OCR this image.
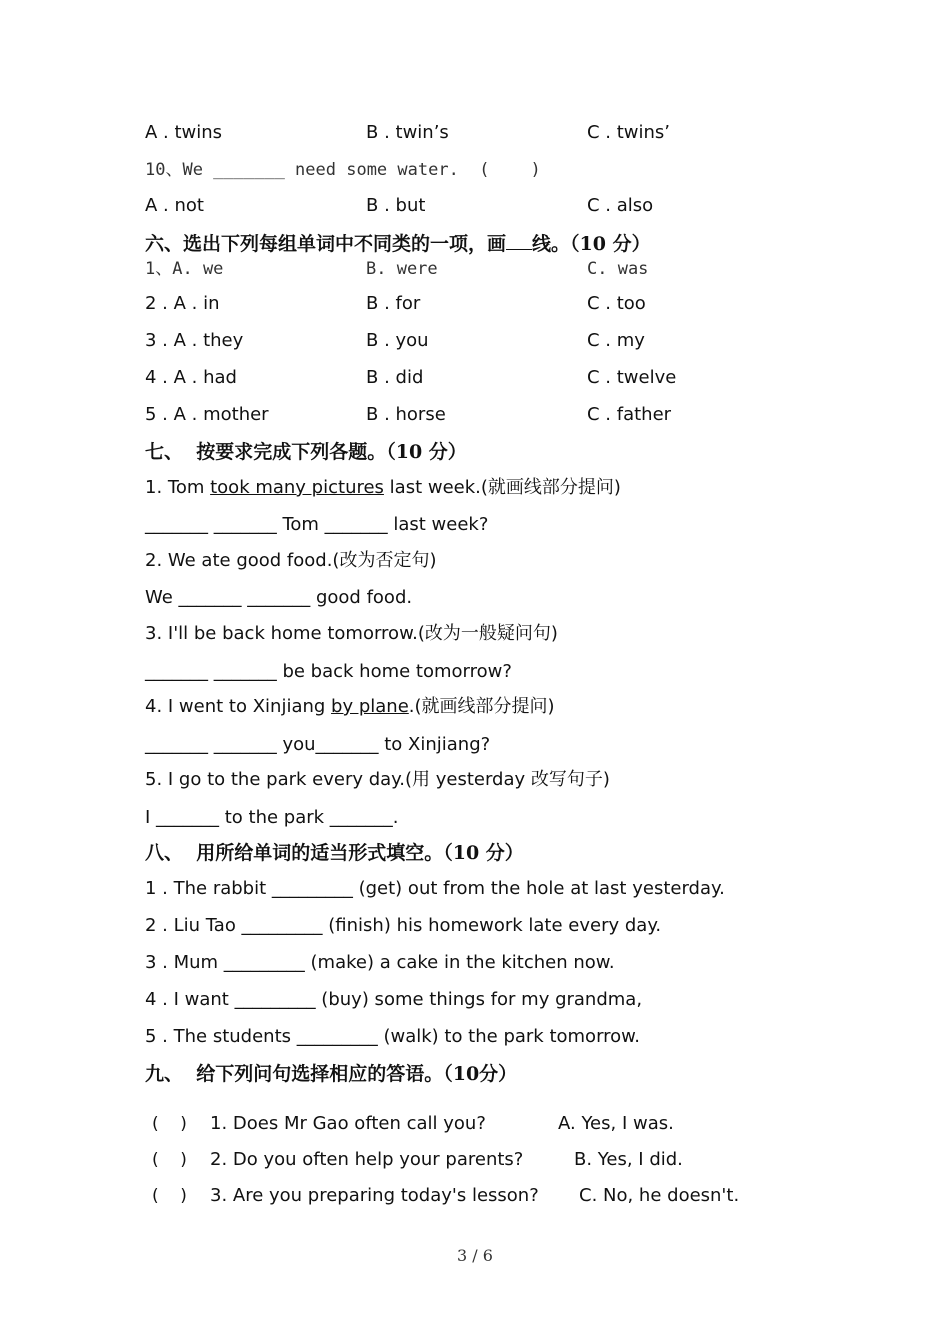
A . twins	B . twin’s	C . twins’
10、We _______ need some water.  (    )
A . not	B . but	C . also
六、选出下列每组单词中不同类的一项，画 线。（10 分）
1、A. we	B. were	C. was
2 . A . in	B . for	C . too
3 . A . they	B . you	C . my
4 . A . had	B . did	C . twelve
5 . A . mother	B . horse	C . father
七、  按要求完成下列各题。（10 分）
1. Tom took many pictures last week.(就画线部分提问)
_______ _______ Tom _______ last week?
2. We ate good food.(改为否定句)
We _______ _______ good food.
3. I'll be back home tomorrow.(改为一般疑问句)
_______ _______ be back home tomorrow?
4. I went to Xinjiang by plane.(就画线部分提问)
_______ _______ you_______ to Xinjiang?
5. I go to the park every day.(用 yesterday 改写句子)
I _______ to the park _______.
八、  用所给单词的适当形式填空。（10 分）
1 . The rabbit _________ (get) out from the hole at last yesterday.
2 . Liu Tao _________ (finish) his homework late every day.
3 . Mum _________ (make) a cake in the kitchen now.
4 . I want _________ (buy) some things for my grandma,
5 . The students _________ (walk) to the park tomorrow.
九、  给下列问句选择相应的答语。（10分）
(    ) 1. Does Mr Gao often call you?	A. Yes, I was.
(    ) 2. Do you often help your parents?	B. Yes, I did.
(    ) 3. Are you preparing today's lesson? C. No, he doesn't.
3 / 6
